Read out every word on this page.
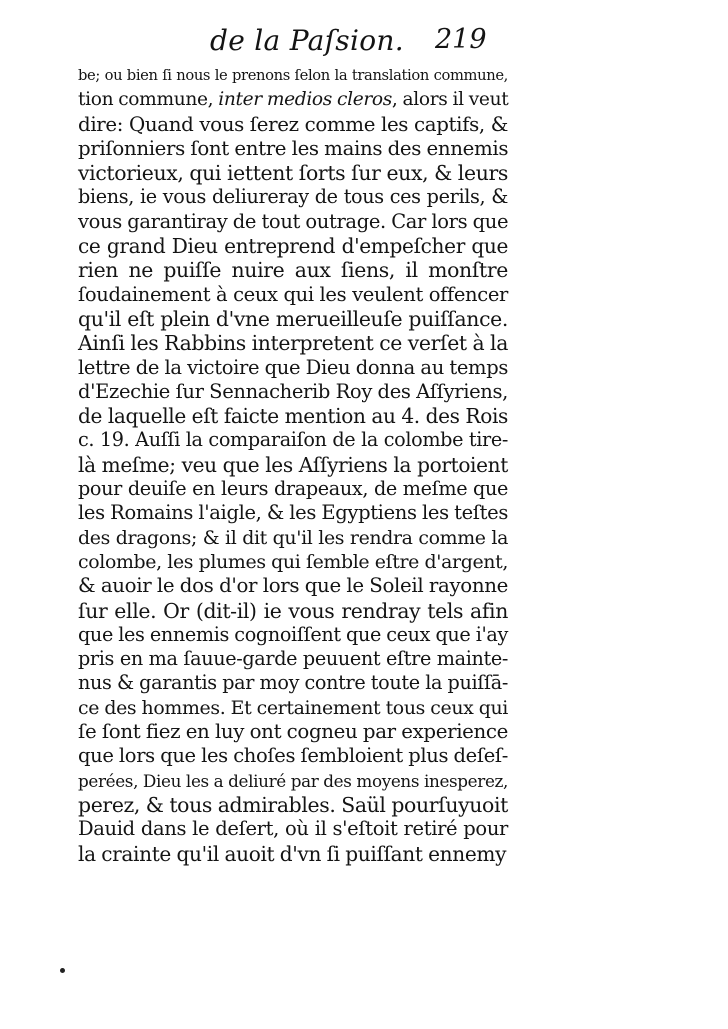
de la Paſsion. 219
be; ou bien ſi nous le prenons ſelon la translation commune,
tion commune, inter medios cleros, alors il veut
dire: Quand vous ſerez comme les captifs, &
priſonniers ſont entre les mains des ennemis
victorieux, qui iettent ſorts ſur eux, & leurs
biens, ie vous deliureray de tous ces perils, &
vous garantiray de tout outrage. Car lors que
ce grand Dieu entreprend d'empeſcher que
rien ne puiſſe nuire aux ſiens, il monſtre
ſoudainement à ceux qui les veulent offencer
qu'il eſt plein d'vne merueilleuſe puiſſance.
Ainſi les Rabbins interpretent ce verſet à la
lettre de la victoire que Dieu donna au temps
d'Ezechie ſur Sennacherib Roy des Aſſyriens,
de laquelle eſt faicte mention au 4. des Rois
c. 19. Auſſi la comparaiſon de la colombe tire-
là meſme; veu que les Aſſyriens la portoient
pour deuiſe en leurs drapeaux, de meſme que
les Romains l'aigle, & les Egyptiens les teſtes
des dragons; & il dit qu'il les rendra comme la
colombe, les plumes qui ſemble eſtre d'argent,
& auoir le dos d'or lors que le Soleil rayonne
ſur elle. Or (dit-il) ie vous rendray tels afin
que les ennemis cognoiſſent que ceux que i'ay
pris en ma ſauue-garde peuuent eſtre mainte-
nus & garantis par moy contre toute la puiſſā-
ce des hommes. Et certainement tous ceux qui
ſe ſont fiez en luy ont cogneu par experience
que lors que les choſes ſembloient plus deſeſ-
perées, Dieu les a deliuré par des moyens inesperez,
perez, & tous admirables. Saül pourſuyuoit
Dauid dans le deſert, où il s'eſtoit retiré pour
la crainte qu'il auoit d'vn ſi puiſſant ennemy
